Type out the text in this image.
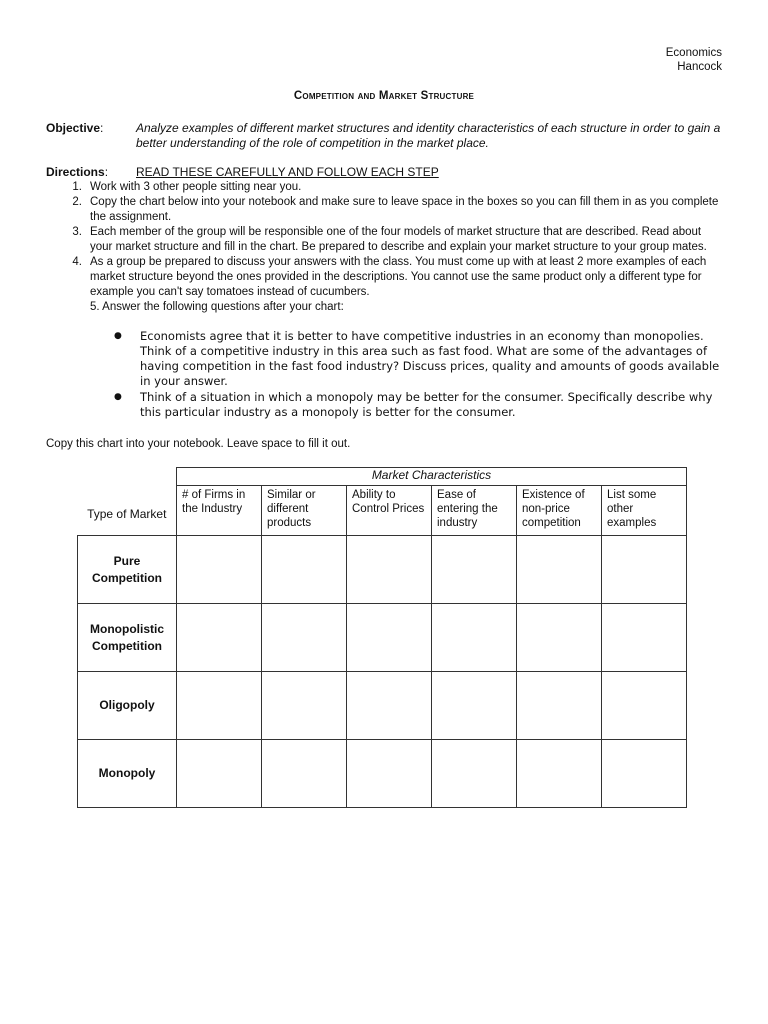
Economics
Hancock
Competition and Market Structure
Objective:	Analyze examples of different market structures and identity characteristics of each structure in order to gain a better understanding of the role of competition in the market place.
Directions: READ THESE CAREFULLY AND FOLLOW EACH STEP
1. Work with 3 other people sitting near you.
2. Copy the chart below into your notebook and make sure to leave space in the boxes so you can fill them in as you complete the assignment.
3. Each member of the group will be responsible one of the four models of market structure that are described. Read about your market structure and fill in the chart. Be prepared to describe and explain your market structure to your group mates.
4. As a group be prepared to discuss your answers with the class. You must come up with at least 2 more examples of each market structure beyond the ones provided in the descriptions. You cannot use the same product only a different type for example you can't say tomatoes instead of cucumbers.
5. Answer the following questions after your chart:
●	Economists agree that it is better to have competitive industries in an economy than monopolies. Think of a competitive industry in this area such as fast food. What are some of the advantages of having competition in the fast food industry? Discuss prices, quality and amounts of goods available in your answer.
●	Think of a situation in which a monopoly may be better for the consumer. Specifically describe why this particular industry as a monopoly is better for the consumer.
Copy this chart into your notebook. Leave space to fill it out.
	Market Characteristics					
Type of Market	# of Firms in the Industry	Similar or different products	Ability to Control Prices	Ease of entering the industry	Existence of non-price competition	List some other examples
Pure Competition						
Monopolistic Competition						
Oligopoly						
Monopoly						
